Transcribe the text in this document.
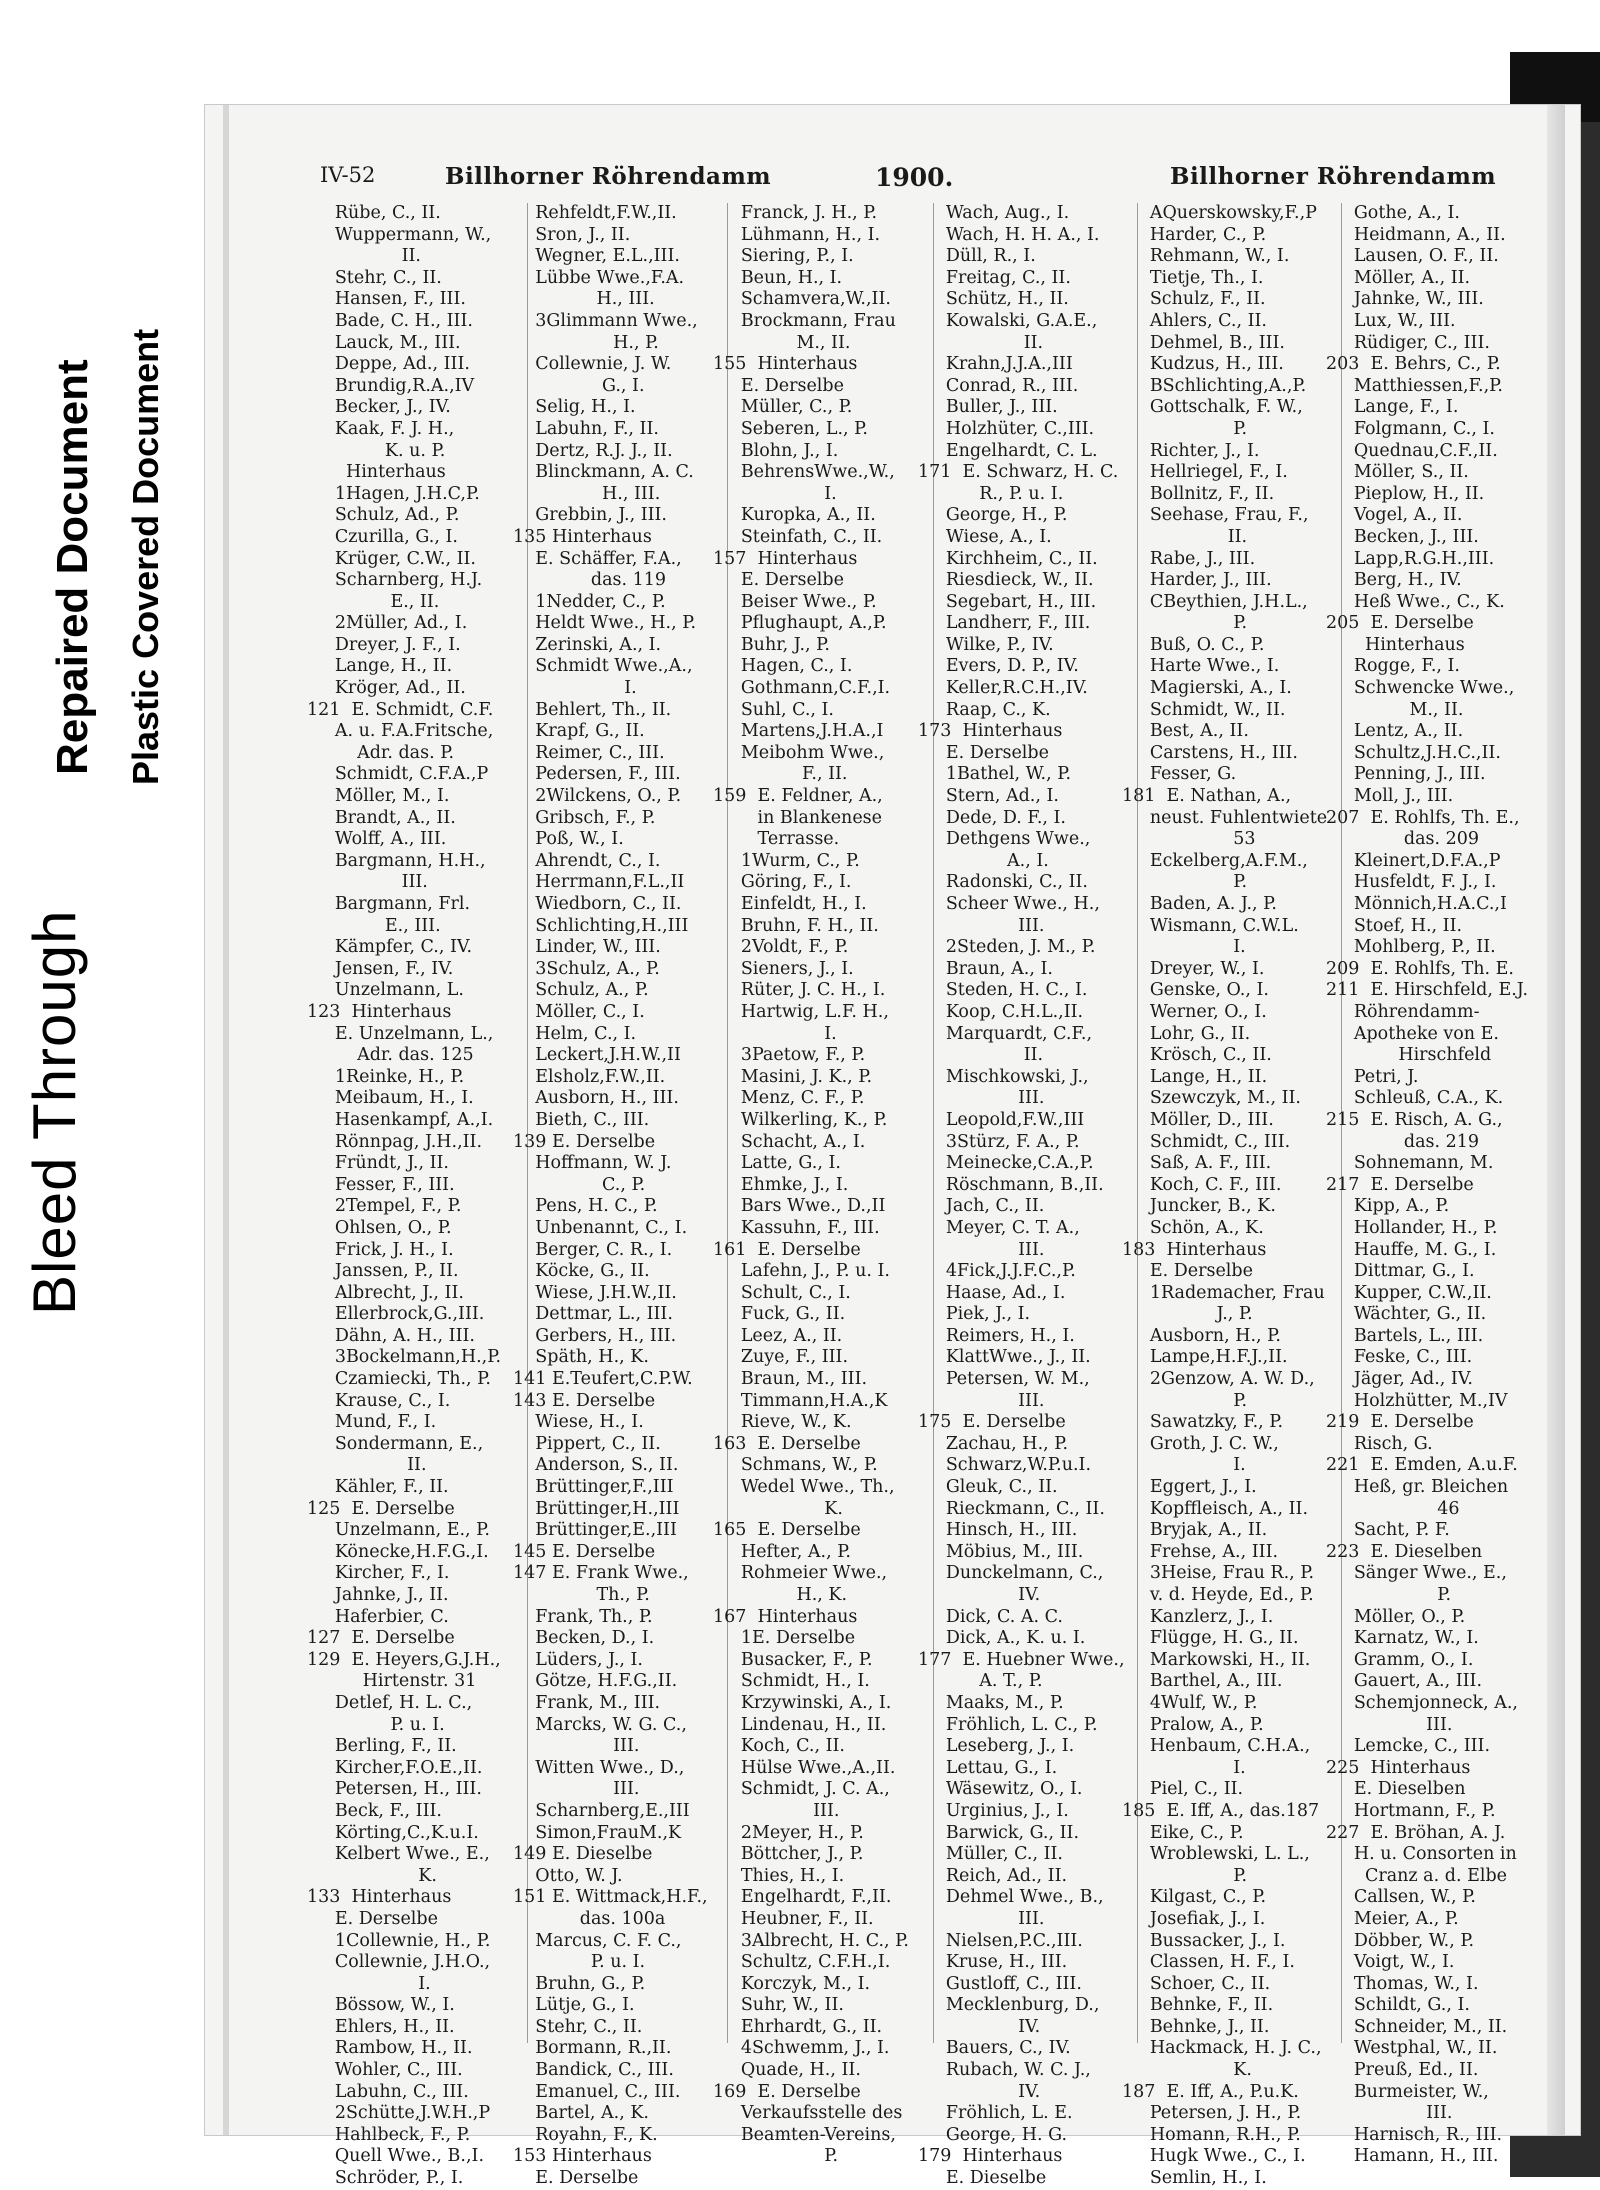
Bleed Through
Repaired Document Plastic Covered Document
IV-52	Billhorner Röhrendamm	1900.	Billhorner Röhrendamm
Rübe, C., II.
Wuppermann, W.,
II.
Stehr, C., II.
Hansen, F., III.
Bade, C. H., III.
Lauck, M., III.
Deppe, Ad., III.
Brundig,R.A.,IV
Becker, J., IV.
Kaak, F. J. H.,
K. u. P.
Hinterhaus
1Hagen, J.H.C,P.
Schulz, Ad., P.
Czurilla, G., I.
Krüger, C.W., II.
Scharnberg, H.J.
E., II.
2Müller, Ad., I.
Dreyer, J. F., I.
Lange, H., II.
Kröger, Ad., II.
121  E. Schmidt, C.F.
A. u. F.A.Fritsche,
Adr. das. P.
Schmidt, C.F.A.,P
Möller, M., I.
Brandt, A., II.
Wolff, A., III.
Bargmann, H.H.,
III.
Bargmann, Frl.
E., III.
Kämpfer, C., IV.
Jensen, F., IV.
Unzelmann, L.
123  Hinterhaus
E. Unzelmann, L.,
Adr. das. 125
1Reinke, H., P.
Meibaum, H., I.
Hasenkampf, A.,I.
Rönnpag, J.H.,II.
Fründt, J., II.
Fesser, F., III.
2Tempel, F., P.
Ohlsen, O., P.
Frick, J. H., I.
Janssen, P., II.
Albrecht, J., II.
Ellerbrock,G.,III.
Dähn, A. H., III.
3Bockelmann,H.,P.
Czamiecki, Th., P.
Krause, C., I.
Mund, F., I.
Sondermann, E.,
II.
Kähler, F., II.
125  E. Derselbe
Unzelmann, E., P.
Könecke,H.F.G.,I.
Kircher, F., I.
Jahnke, J., II.
Haferbier, C.
127  E. Derselbe
129  E. Heyers,G.J.H.,
Hirtenstr. 31
Detlef, H. L. C.,
P. u. I.
Berling, F., II.
Kircher,F.O.E.,II.
Petersen, H., III.
Beck, F., III.
Körting,C.,K.u.I.
Kelbert Wwe., E.,
K.
133  Hinterhaus
E. Derselbe
1Collewnie, H., P.
Collewnie, J.H.O.,
I.
Bössow, W., I.
Ehlers, H., II.
Rambow, H., II.
Wohler, C., III.
Labuhn, C., III.
2Schütte,J.W.H.,P
Hahlbeck, F., P.
Quell Wwe., B.,I.
Schröder, P., I.
Rehfeldt,F.W.,II.
Sron, J., II.
Wegner, E.L.,III.
Lübbe Wwe.,F.A.
H., III.
3Glimmann Wwe.,
H., P.
Collewnie, J. W.
G., I.
Selig, H., I.
Labuhn, F., II.
Dertz, R.J. J., II.
Blinckmann, A. C.
H., III.
Grebbin, J., III.
135 Hinterhaus
E. Schäffer, F.A.,
das. 119
1Nedder, C., P.
Heldt Wwe., H., P.
Zerinski, A., I.
Schmidt Wwe.,A.,
I.
Behlert, Th., II.
Krapf, G., II.
Reimer, C., III.
Pedersen, F., III.
2Wilckens, O., P.
Gribsch, F., P.
Poß, W., I.
Ahrendt, C., I.
Herrmann,F.L.,II
Wiedborn, C., II.
Schlichting,H.,III
Linder, W., III.
3Schulz, A., P.
Schulz, A., P.
Möller, C., I.
Helm, C., I.
Leckert,J.H.W.,II
Elsholz,F.W.,II.
Ausborn, H., III.
Bieth, C., III.
139 E. Derselbe
Hoffmann, W. J.
C., P.
Pens, H. C., P.
Unbenannt, C., I.
Berger, C. R., I.
Köcke, G., II.
Wiese, J.H.W.,II.
Dettmar, L., III.
Gerbers, H., III.
Späth, H., K.
141 E.Teufert,C.P.W.
143 E. Derselbe
Wiese, H., I.
Pippert, C., II.
Anderson, S., II.
Brüttinger,F.,III
Brüttinger,H.,III
Brüttinger,E.,III
145 E. Derselbe
147 E. Frank Wwe.,
Th., P.
Frank, Th., P.
Becken, D., I.
Lüders, J., I.
Götze, H.F.G.,II.
Frank, M., III.
Marcks, W. G. C.,
III.
Witten Wwe., D.,
III.
Scharnberg,E.,III
Simon,FrauM.,K
149 E. Dieselbe
Otto, W. J.
151 E. Wittmack,H.F.,
das. 100a
Marcus, C. F. C.,
P. u. I.
Bruhn, G., P.
Lütje, G., I.
Stehr, C., II.
Bormann, R.,II.
Bandick, C., III.
Emanuel, C., III.
Bartel, A., K.
Royahn, F., K.
153 Hinterhaus
E. Derselbe
Franck, J. H., P.
Lühmann, H., I.
Siering, P., I.
Beun, H., I.
Schamvera,W.,II.
Brockmann, Frau
M., II.
155  Hinterhaus
E. Derselbe
Müller, C., P.
Seberen, L., P.
Blohn, J., I.
BehrensWwe.,W.,
I.
Kuropka, A., II.
Steinfath, C., II.
157  Hinterhaus
E. Derselbe
Beiser Wwe., P.
Pflughaupt, A.,P.
Buhr, J., P.
Hagen, C., I.
Gothmann,C.F.,I.
Suhl, C., I.
Martens,J.H.A.,I
Meibohm Wwe.,
F., II.
159  E. Feldner, A.,
in Blankenese
Terrasse.
1Wurm, C., P.
Göring, F., I.
Einfeldt, H., I.
Bruhn, F. H., II.
2Voldt, F., P.
Sieners, J., I.
Rüter, J. C. H., I.
Hartwig, L.F. H.,
I.
3Paetow, F., P.
Masini, J. K., P.
Menz, C. F., P.
Wilkerling, K., P.
Schacht, A., I.
Latte, G., I.
Ehmke, J., I.
Bars Wwe., D.,II
Kassuhn, F., III.
161  E. Derselbe
Lafehn, J., P. u. I.
Schult, C., I.
Fuck, G., II.
Leez, A., II.
Zuye, F., III.
Braun, M., III.
Timmann,H.A.,K
Rieve, W., K.
163  E. Derselbe
Schmans, W., P.
Wedel Wwe., Th.,
K.
165  E. Derselbe
Hefter, A., P.
Rohmeier Wwe.,
H., K.
167  Hinterhaus
1E. Derselbe
Busacker, F., P.
Schmidt, H., I.
Krzywinski, A., I.
Lindenau, H., II.
Koch, C., II.
Hülse Wwe.,A.,II.
Schmidt, J. C. A.,
III.
2Meyer, H., P.
Böttcher, J., P.
Thies, H., I.
Engelhardt, F.,II.
Heubner, F., II.
3Albrecht, H. C., P.
Schultz, C.F.H.,I.
Korczyk, M., I.
Suhr, W., II.
Ehrhardt, G., II.
4Schwemm, J., I.
Quade, H., II.
169  E. Derselbe
Verkaufsstelle des
Beamten-Vereins,
P.
Wach, Aug., I.
Wach, H. H. A., I.
Düll, R., I.
Freitag, C., II.
Schütz, H., II.
Kowalski, G.A.E.,
II.
Krahn,J.J.A.,III
Conrad, R., III.
Buller, J., III.
Holzhüter, C.,III.
Engelhardt, C. L.
171  E. Schwarz, H. C.
R., P. u. I.
George, H., P.
Wiese, A., I.
Kirchheim, C., II.
Riesdieck, W., II.
Segebart, H., III.
Landherr, F., III.
Wilke, P., IV.
Evers, D. P., IV.
Keller,R.C.H.,IV.
Raap, C., K.
173  Hinterhaus
E. Derselbe
1Bathel, W., P.
Stern, Ad., I.
Dede, D. F., I.
Dethgens Wwe.,
A., I.
Radonski, C., II.
Scheer Wwe., H.,
III.
2Steden, J. M., P.
Braun, A., I.
Steden, H. C., I.
Koop, C.H.L.,II.
Marquardt, C.F.,
II.
Mischkowski, J.,
III.
Leopold,F.W.,III
3Stürz, F. A., P.
Meinecke,C.A.,P.
Röschmann, B.,II.
Jach, C., II.
Meyer, C. T. A.,
III.
4Fick,J.J.F.C.,P.
Haase, Ad., I.
Piek, J., I.
Reimers, H., I.
KlattWwe., J., II.
Petersen, W. M.,
III.
175  E. Derselbe
Zachau, H., P.
Schwarz,W.P.u.I.
Gleuk, C., II.
Rieckmann, C., II.
Hinsch, H., III.
Möbius, M., III.
Dunckelmann, C.,
IV.
Dick, C. A. C.
Dick, A., K. u. I.
177  E. Huebner Wwe.,
A. T., P.
Maaks, M., P.
Fröhlich, L. C., P.
Leseberg, J., I.
Lettau, G., I.
Wäsewitz, O., I.
Urginius, J., I.
Barwick, G., II.
Müller, C., II.
Reich, Ad., II.
Dehmel Wwe., B.,
III.
Nielsen,P.C.,III.
Kruse, H., III.
Gustloff, C., III.
Mecklenburg, D.,
IV.
Bauers, C., IV.
Rubach, W. C. J.,
IV.
Fröhlich, L. E.
George, H. G.
179  Hinterhaus
E. Dieselbe
AQuerskowsky,F.,P
Harder, C., P.
Rehmann, W., I.
Tietje, Th., I.
Schulz, F., II.
Ahlers, C., II.
Dehmel, B., III.
Kudzus, H., III.
BSchlichting,A.,P.
Gottschalk, F. W.,
P.
Richter, J., I.
Hellriegel, F., I.
Bollnitz, F., II.
Seehase, Frau, F.,
II.
Rabe, J., III.
Harder, J., III.
CBeythien, J.H.L.,
P.
Buß, O. C., P.
Harte Wwe., I.
Magierski, A., I.
Schmidt, W., II.
Best, A., II.
Carstens, H., III.
Fesser, G.
181  E. Nathan, A.,
neust. Fuhlentwiete
53
Eckelberg,A.F.M.,
P.
Baden, A. J., P.
Wismann, C.W.L.
I.
Dreyer, W., I.
Genske, O., I.
Werner, O., I.
Lohr, G., II.
Krösch, C., II.
Lange, H., II.
Szewczyk, M., II.
Möller, D., III.
Schmidt, C., III.
Saß, A. F., III.
Koch, C. F., III.
Juncker, B., K.
Schön, A., K.
183  Hinterhaus
E. Derselbe
1Rademacher, Frau
J., P.
Ausborn, H., P.
Lampe,H.F.J.,II.
2Genzow, A. W. D.,
P.
Sawatzky, F., P.
Groth, J. C. W.,
I.
Eggert, J., I.
Kopffleisch, A., II.
Bryjak, A., II.
Frehse, A., III.
3Heise, Frau R., P.
v. d. Heyde, Ed., P.
Kanzlerz, J., I.
Flügge, H. G., II.
Markowski, H., II.
Barthel, A., III.
4Wulf, W., P.
Pralow, A., P.
Henbaum, C.H.A.,
I.
Piel, C., II.
185  E. Iff, A., das.187
Eike, C., P.
Wroblewski, L. L.,
P.
Kilgast, C., P.
Josefiak, J., I.
Bussacker, J., I.
Classen, H. F., I.
Schoer, C., II.
Behnke, F., II.
Behnke, J., II.
Hackmack, H. J. C.,
K.
187  E. Iff, A., P.u.K.
Petersen, J. H., P.
Homann, R.H., P.
Hugk Wwe., C., I.
Semlin, H., I.
Gothe, A., I.
Heidmann, A., II.
Lausen, O. F., II.
Möller, A., II.
Jahnke, W., III.
Lux, W., III.
Rüdiger, C., III.
203  E. Behrs, C., P.
Matthiessen,F.,P.
Lange, F., I.
Folgmann, C., I.
Quednau,C.F.,II.
Möller, S., II.
Pieplow, H., II.
Vogel, A., II.
Becken, J., III.
Lapp,R.G.H.,III.
Berg, H., IV.
Heß Wwe., C., K.
205  E. Derselbe
Hinterhaus
Rogge, F., I.
Schwencke Wwe.,
M., II.
Lentz, A., II.
Schultz,J.H.C.,II.
Penning, J., III.
Moll, J., III.
207  E. Rohlfs, Th. E.,
das. 209
Kleinert,D.F.A.,P
Husfeldt, F. J., I.
Mönnich,H.A.C.,I
Stoef, H., II.
Mohlberg, P., II.
209  E. Rohlfs, Th. E.
211  E. Hirschfeld, E.J.
Röhrendamm-
Apotheke von E.
Hirschfeld
Petri, J.
Schleuß, C.A., K.
215  E. Risch, A. G.,
das. 219
Sohnemann, M.
217  E. Derselbe
Kipp, A., P.
Hollander, H., P.
Hauffe, M. G., I.
Dittmar, G., I.
Kupper, C.W.,II.
Wächter, G., II.
Bartels, L., III.
Feske, C., III.
Jäger, Ad., IV.
Holzhütter, M.,IV
219  E. Derselbe
Risch, G.
221  E. Emden, A.u.F.
Heß, gr. Bleichen
46
Sacht, P. F.
223  E. Dieselben
Sänger Wwe., E.,
P.
Möller, O., P.
Karnatz, W., I.
Gramm, O., I.
Gauert, A., III.
Schemjonneck, A.,
III.
Lemcke, C., III.
225  Hinterhaus
E. Dieselben
Hortmann, F., P.
227  E. Bröhan, A. J.
H. u. Consorten in
Cranz a. d. Elbe
Callsen, W., P.
Meier, A., P.
Döbber, W., P.
Voigt, W., I.
Thomas, W., I.
Schildt, G., I.
Schneider, M., II.
Westphal, W., II.
Preuß, Ed., II.
Burmeister, W.,
III.
Harnisch, R., III.
Hamann, H., III.
